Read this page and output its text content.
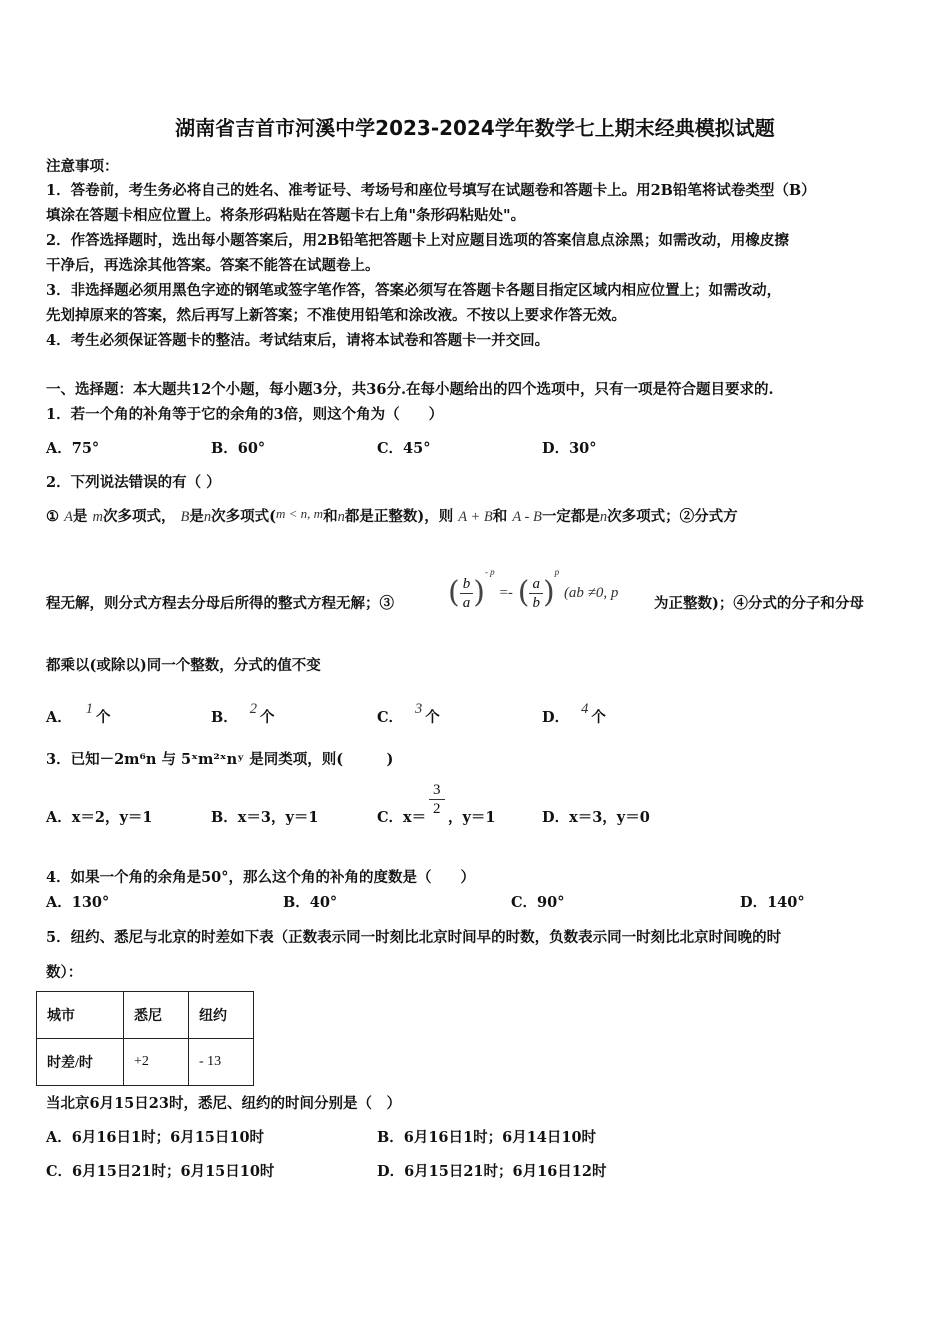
湖南省吉首市河溪中学2023-2024学年数学七上期末经典模拟试题
注意事项：
1．答卷前，考生务必将自己的姓名、准考证号、考场号和座位号填写在试题卷和答题卡上。用2B铅笔将试卷类型（B）
填涂在答题卡相应位置上。将条形码粘贴在答题卡右上角"条形码粘贴处"。
2．作答选择题时，选出每小题答案后，用2B铅笔把答题卡上对应题目选项的答案信息点涂黑；如需改动，用橡皮擦
干净后，再选涂其他答案。答案不能答在试题卷上。
3．非选择题必须用黑色字迹的钢笔或签字笔作答，答案必须写在答题卡各题目指定区域内相应位置上；如需改动，
先划掉原来的答案，然后再写上新答案；不准使用铅笔和涂改液。不按以上要求作答无效。
4．考生必须保证答题卡的整洁。考试结束后，请将本试卷和答题卡一并交回。
一、选择题：本大题共12个小题，每小题3分，共36分.在每小题给出的四个选项中，只有一项是符合题目要求的.
1．若一个角的补角等于它的余角的3倍，则这个角为（　　）
A．75°	B．60°	C．45°	D．30°
2．下列说法错误的有（ ）
① A是 m次多项式， B是n次多项式(m < n, m和n都是正整数)，则 A + B和 A - B一定都是n次多项式；②分式方
程无解，则分式方程去分母后所得的整式方程无解；③ ( $\frac{b}{a} )^{- p}$ =- ( $\frac{a}{b} )^p$ (ab ≠0, p
为正整数)；④分式的分子和分母
都乘以(或除以)同一个整数，分式的值不变
A． 1 个	B． 2 个	C． 3 个	D． 4 个
3．已知－2m⁶n 与 5ˣm²ˣnʸ 是同类项，则(　　　)
A．x＝2，y＝1	B．x＝3，y＝1	C．$x= \frac{3}{2}$ ，y＝1	D．x＝3，y＝0
4．如果一个角的余角是50°，那么这个角的补角的度数是（　　）
A．130°	B．40°	C．90°	D．140°
5．纽约、悉尼与北京的时差如下表（正数表示同一时刻比北京时间早的时数，负数表示同一时刻比北京时间晚的时
数）：
城市	悉尼	纽约
时差/时	+2	- 13
当北京6月15日23时，悉尼、纽约的时间分别是（　）
A．6月16日1时；6月15日10时	B．6月16日1时；6月14日10时
C．6月15日21时；6月15日10时	D．6月15日21时；6月16日12时
